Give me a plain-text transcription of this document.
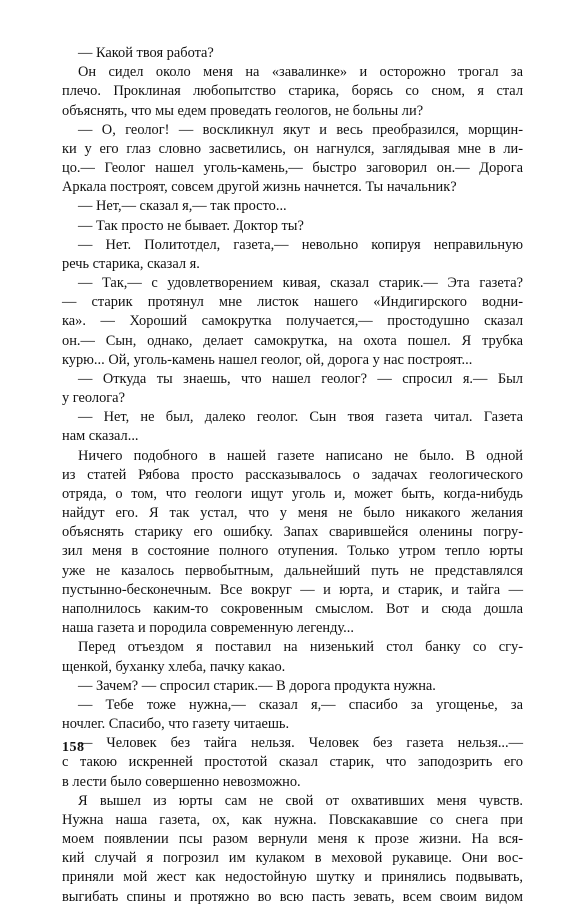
— Какой твоя работа?
Он сидел около меня на «завалинке» и осторожно трогал за
плечо. Проклиная любопытство старика, борясь со сном, я стал
объяснять, что мы едем проведать геологов, не больны ли?
— О, геолог! — воскликнул якут и весь преобразился, морщин-
ки у его глаз словно засветились, он нагнулся, заглядывая мне в ли-
цо.— Геолог нашел уголь-камень,— быстро заговорил он.— Дорога
Аркала построят, совсем другой жизнь начнется. Ты начальник?
— Нет,— сказал я,— так просто...
— Так просто не бывает. Доктор ты?
— Нет. Политотдел, газета,— невольно копируя неправильную
речь старика, сказал я.
— Так,— с удовлетворением кивая, сказал старик.— Эта газета?
— старик протянул мне листок нашего «Индигирского водни-
ка». — Хороший самокрутка получается,— простодушно сказал
он.— Сын, однако, делает самокрутка, на охота пошел. Я трубка
курю... Ой, уголь-камень нашел геолог, ой, дорога у нас построят...
— Откуда ты знаешь, что нашел геолог? — спросил я.— Был
у геолога?
— Нет, не был, далеко геолог. Сын твоя газета читал. Газета
нам сказал...
Ничего подобного в нашей газете написано не было. В одной
из статей Рябова просто рассказывалось о задачах геологического
отряда, о том, что геологи ищут уголь и, может быть, когда-нибудь
найдут его. Я так устал, что у меня не было никакого желания
объяснять старику его ошибку. Запах сварившейся оленины погру-
зил меня в состояние полного отупения. Только утром тепло юрты
уже не казалось первобытным, дальнейший путь не представлялся
пустынно-бесконечным. Все вокруг — и юрта, и старик, и тайга —
наполнилось каким-то сокровенным смыслом. Вот и сюда дошла
наша газета и породила современную легенду...
Перед отъездом я поставил на низенький стол банку со сгу-
щенкой, буханку хлеба, пачку какао.
— Зачем? — спросил старик.— В дорога продукта нужна.
— Тебе тоже нужна,— сказал я,— спасибо за угощенье, за
ночлег. Спасибо, что газету читаешь.
— Человек без тайга нельзя. Человек без газета нельзя...—
с такою искренней простотой сказал старик, что заподозрить его
в лести было совершенно невозможно.
Я вышел из юрты сам не свой от охвативших меня чувств.
Нужна наша газета, ох, как нужна. Повскакавшие со снега при
моем появлении псы разом вернули меня к прозе жизни. На вся-
кий случай я погрозил им кулаком в меховой рукавице. Они вос-
приняли мой жест как недостойную шутку и принялись подвывать,
выгибать спины и протяжно во всю пасть зевать, всем своим видом
158
